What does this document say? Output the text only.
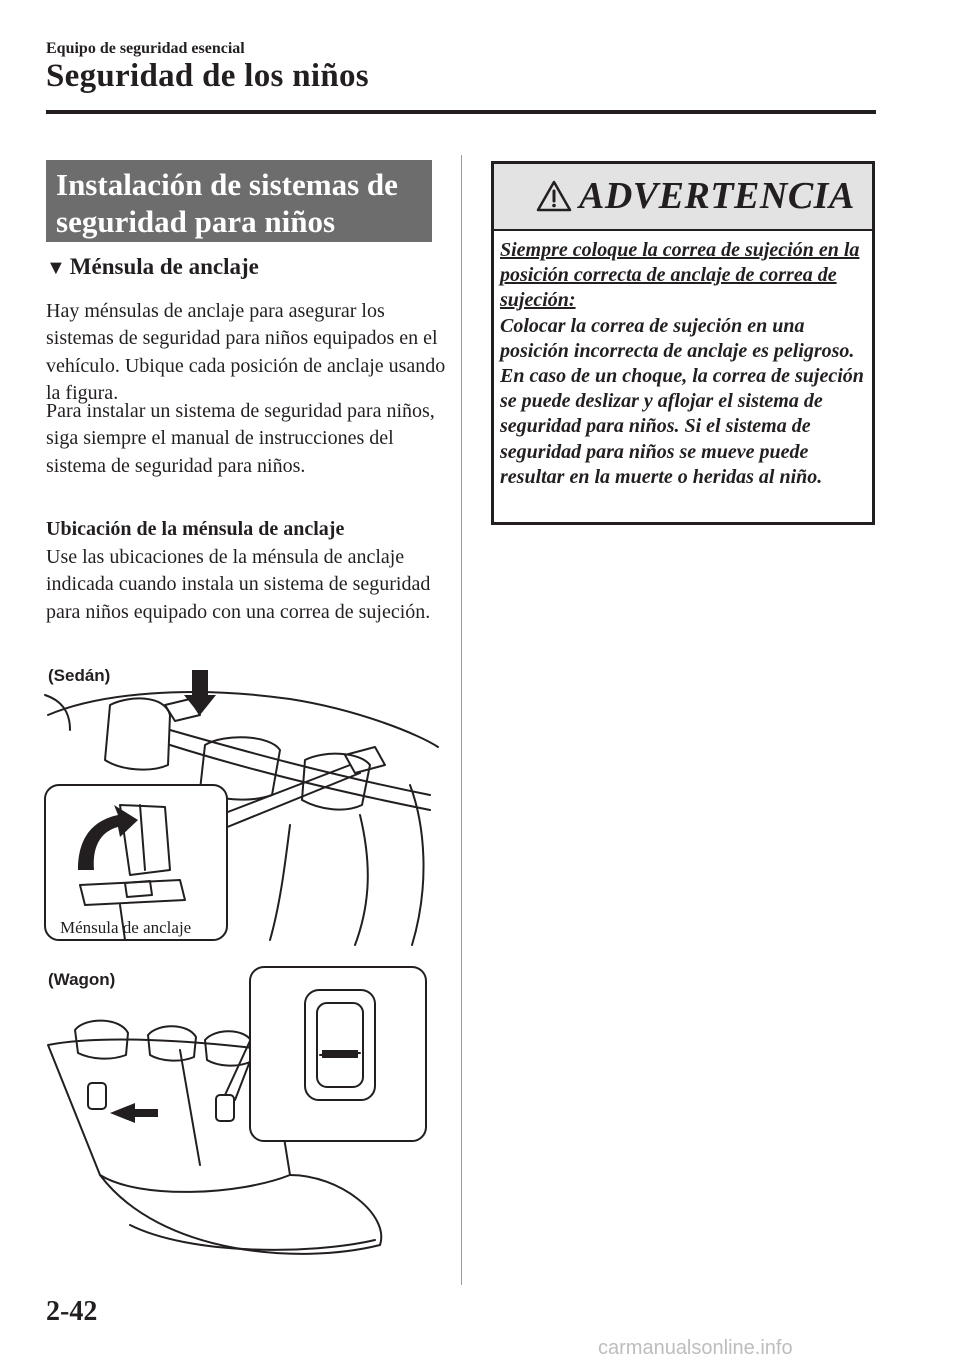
Equipo de seguridad esencial
Seguridad de los niños
Instalación de sistemas de
seguridad para niños
▼ Ménsula de anclaje

Hay ménsulas de anclaje para asegurar los sistemas de seguridad para niños equipados en el vehículo. Ubique cada posición de anclaje usando la figura.

Para instalar un sistema de seguridad para niños, siga siempre el manual de instrucciones del sistema de seguridad para niños.

Ubicación de la ménsula de anclaje

Use las ubicaciones de la ménsula de anclaje indicada cuando instala un sistema de seguridad para niños equipado con una correa de sujeción.

(Sedán)
(Wagon)
Ménsula de anclaje
ADVERTENCIA
Siempre coloque la correa de sujeción en la posición correcta de anclaje de correa de sujeción:
Colocar la correa de sujeción en una posición incorrecta de anclaje es peligroso. En caso de un choque, la correa de sujeción se puede deslizar y aflojar el sistema de seguridad para niños. Si el sistema de seguridad para niños se mueve puede resultar en la muerte o heridas al niño.
2-42
carmanualsonline.info
